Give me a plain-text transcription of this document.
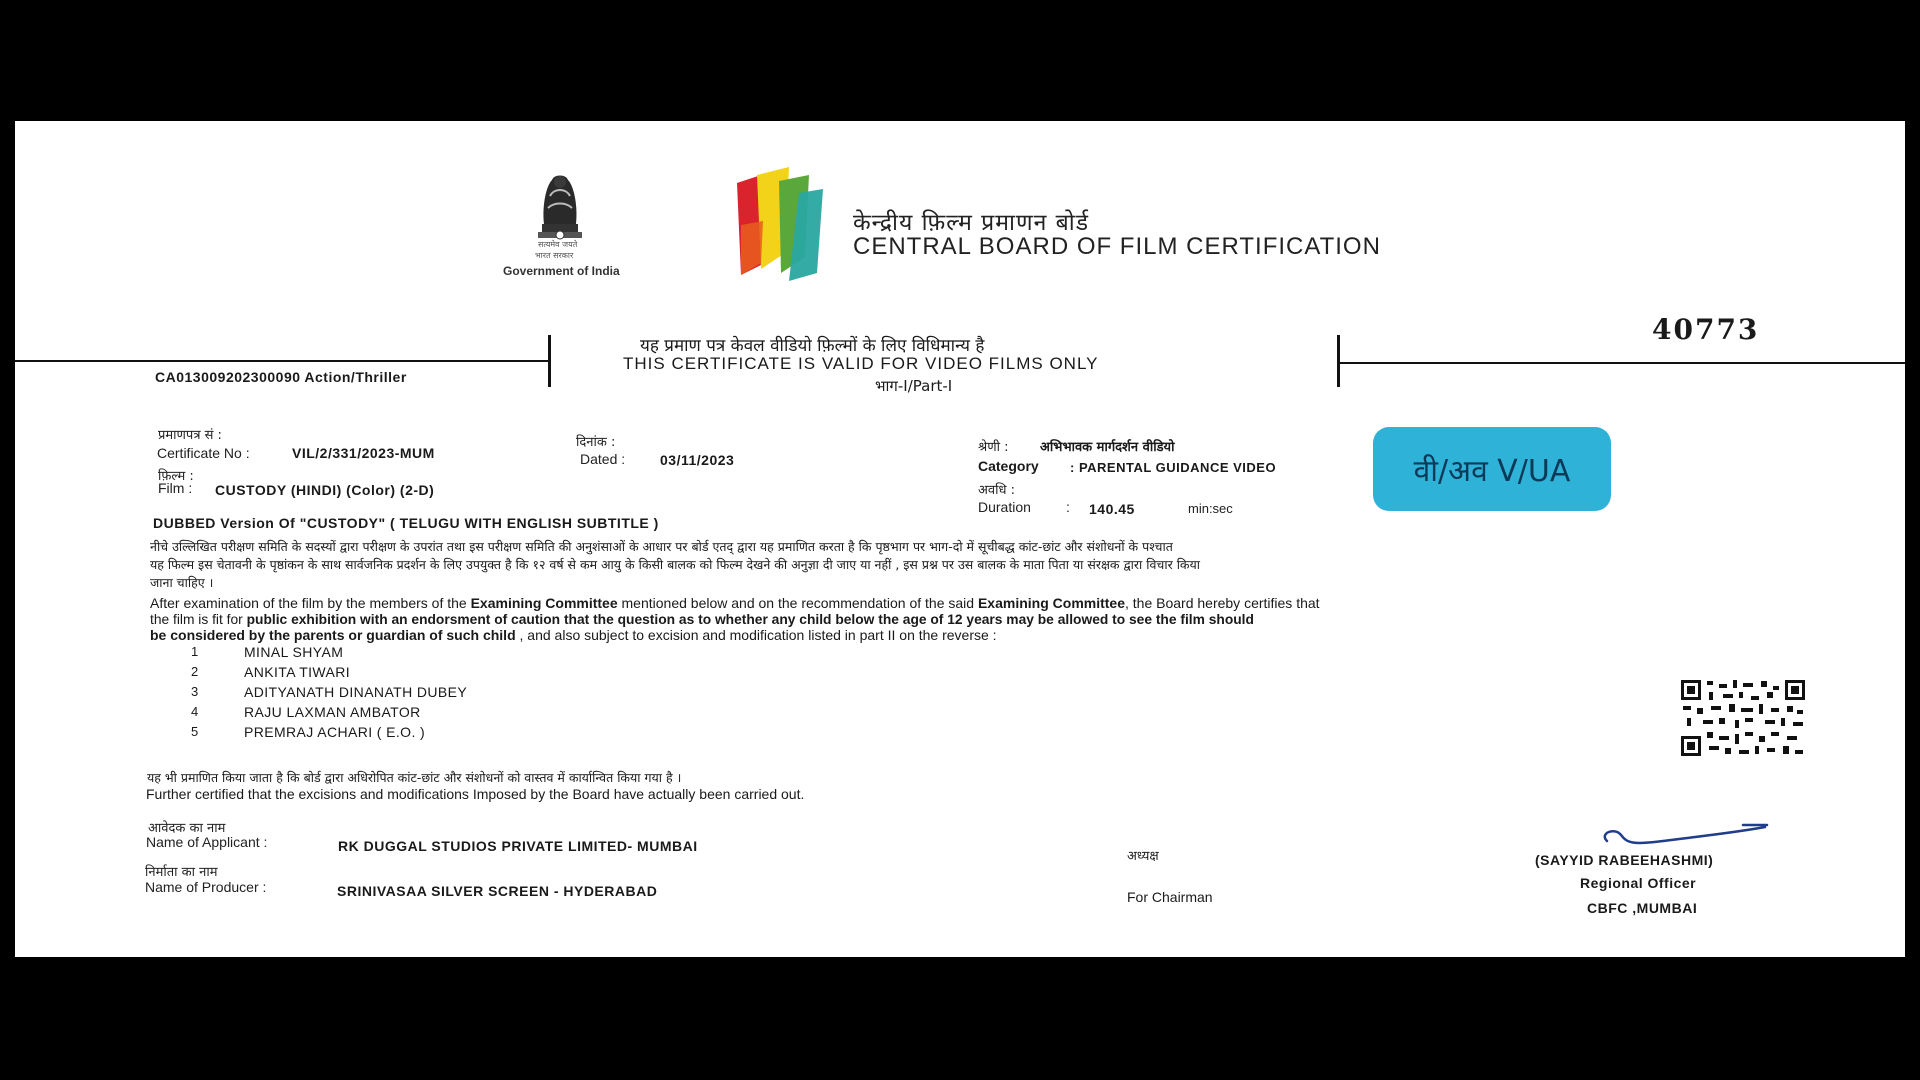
सत्यमेव जयते
भारत सरकार
Government of India
केन्द्रीय फ़िल्म प्रमाणन बोर्ड
CENTRAL BOARD OF FILM CERTIFICATION
40773
यह प्रमाण पत्र केवल वीडियो फ़िल्मों के लिए विधिमान्य है
THIS CERTIFICATE IS VALID FOR VIDEO FILMS ONLY
भाग-I/Part-I
CA013009202300090 Action/Thriller
प्रमाणपत्र सं :
Certificate No :	VIL/2/331/2023-MUM
दिनांक :
Dated : 03/11/2023
फ़िल्म :
Film : CUSTODY (HINDI) (Color) (2-D)
श्रेणी : अभिभावक मार्गदर्शन वीडियो
Category : PARENTAL GUIDANCE VIDEO
अवधि :
Duration	: 140.45	min:sec
वी/अव V/UA
DUBBED Version Of "CUSTODY" ( TELUGU WITH ENGLISH SUBTITLE )
नीचे उल्लिखित परीक्षण समिति के सदस्यों द्वारा परीक्षण के उपरांत तथा इस परीक्षण समिति की अनुशंसाओं के आधार पर बोर्ड एतद् द्वारा यह प्रमाणित करता है कि पृष्ठभाग पर भाग-दो में सूचीबद्ध कांट-छांट और संशोधनों के पश्चात
यह फिल्म इस चेतावनी के पृष्ठांकन के साथ सार्वजनिक प्रदर्शन के लिए उपयुक्त है कि १२ वर्ष से कम आयु के किसी बालक को फिल्म देखने की अनुज्ञा दी जाए या नहीं , इस प्रश्न पर उस बालक के माता पिता या संरक्षक द्वारा विचार किया
जाना चाहिए ।
After examination of the film by the members of the Examining Committee mentioned below and on the recommendation of the said Examining Committee, the Board hereby certifies that
the film is fit for public exhibition with an endorsment of caution that the question as to whether any child below the age of 12 years may be allowed to see the film should
be considered by the parents or guardian of such child , and also subject to excision and modification listed in part II on the reverse :
1	MINAL SHYAM
2	ANKITA TIWARI
3	ADITYANATH DINANATH DUBEY
4	RAJU LAXMAN AMBATOR
5	PREMRAJ ACHARI ( E.O. )
यह भी प्रमाणित किया जाता है कि बोर्ड द्वारा अधिरोपित कांट-छांट और संशोधनों को वास्तव में कार्यान्वित किया गया है ।
Further certified that the excisions and modifications Imposed by the Board have actually been carried out.
आवेदक का नाम
Name of Applicant :	RK DUGGAL STUDIOS PRIVATE LIMITED- MUMBAI
निर्माता का नाम
Name of Producer :	SRINIVASAA SILVER SCREEN - HYDERABAD
अध्यक्ष
For Chairman
(SAYYID RABEEHASHMI)
Regional Officer
CBFC ,MUMBAI
